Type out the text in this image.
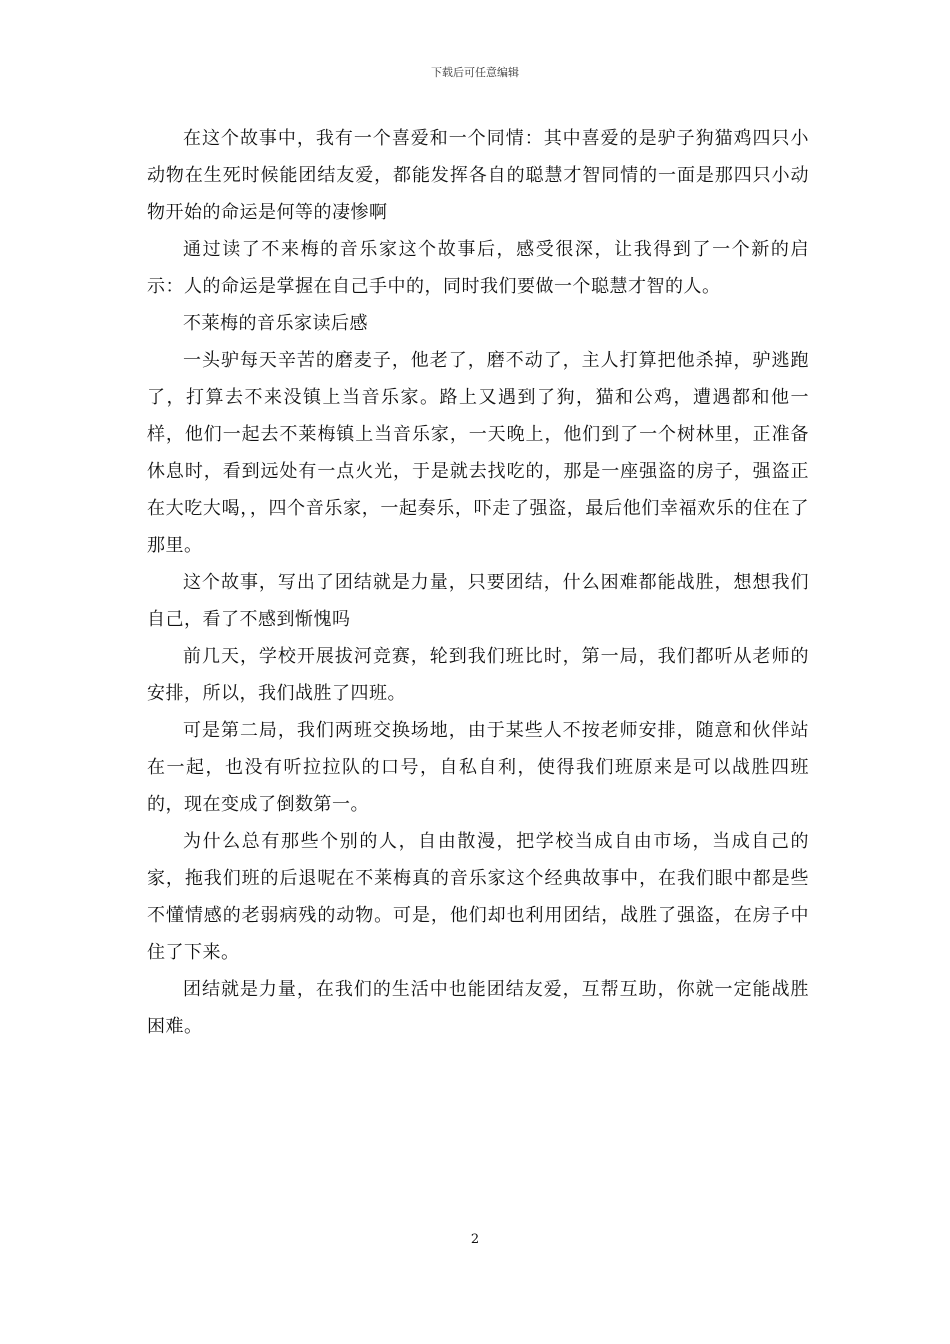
下载后可任意编辑

在这个故事中，我有一个喜爱和一个同情：其中喜爱的是驴子狗猫鸡四只小动物在生死时候能团结友爱，都能发挥各自的聪慧才智同情的一面是那四只小动物开始的命运是何等的凄惨啊

通过读了不来梅的音乐家这个故事后，感受很深，让我得到了一个新的启示：人的命运是掌握在自己手中的，同时我们要做一个聪慧才智的人。

不莱梅的音乐家读后感

一头驴每天辛苦的磨麦子，他老了，磨不动了，主人打算把他杀掉，驴逃跑了，打算去不来没镇上当音乐家。路上又遇到了狗，猫和公鸡，遭遇都和他一样，他们一起去不莱梅镇上当音乐家，一天晚上，他们到了一个树林里，正准备休息时，看到远处有一点火光，于是就去找吃的，那是一座强盗的房子，强盗正在大吃大喝，，四个音乐家，一起奏乐，吓走了强盗，最后他们幸福欢乐的住在了那里。

这个故事，写出了团结就是力量，只要团结，什么困难都能战胜，想想我们自己，看了不感到惭愧吗

前几天，学校开展拔河竞赛，轮到我们班比时，第一局，我们都听从老师的安排，所以，我们战胜了四班。

可是第二局，我们两班交换场地，由于某些人不按老师安排，随意和伙伴站在一起，也没有听拉拉队的口号，自私自利，使得我们班原来是可以战胜四班的，现在变成了倒数第一。

为什么总有那些个别的人，自由散漫，把学校当成自由市场，当成自己的家，拖我们班的后退呢在不莱梅真的音乐家这个经典故事中，在我们眼中都是些不懂情感的老弱病残的动物。可是，他们却也利用团结，战胜了强盗，在房子中住了下来。

团结就是力量，在我们的生活中也能团结友爱，互帮互助，你就一定能战胜困难。

2
